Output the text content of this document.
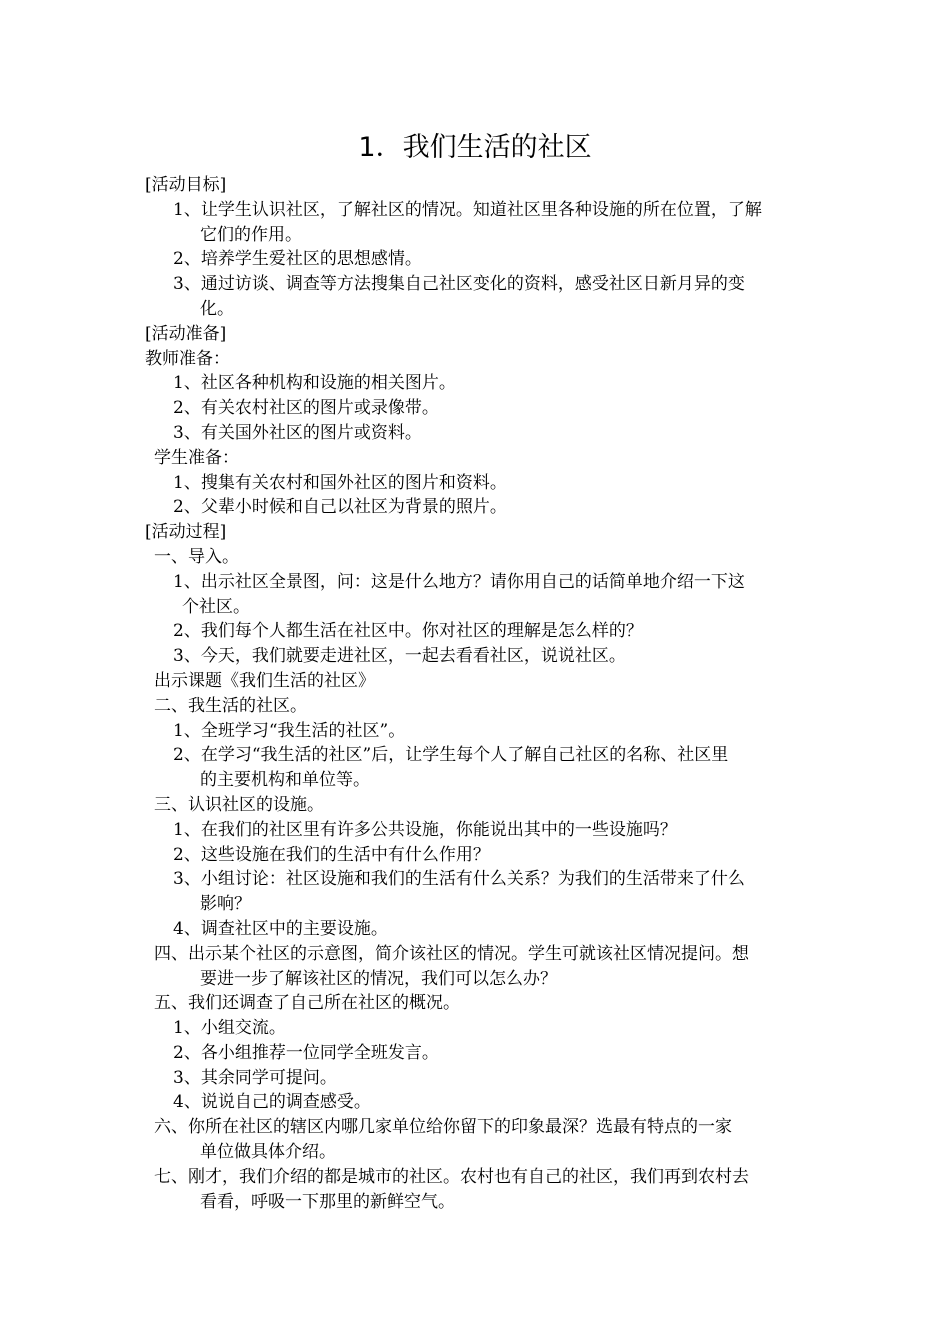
1．我们生活的社区
[活动目标]
1、让学生认识社区，了解社区的情况。知道社区里各种设施的所在位置，了解
它们的作用。
2、培养学生爱社区的思想感情。
3、通过访谈、调查等方法搜集自己社区变化的资料，感受社区日新月异的变
化。
[活动准备]
教师准备：
1、社区各种机构和设施的相关图片。
2、有关农村社区的图片或录像带。
3、有关国外社区的图片或资料。
学生准备：
1、搜集有关农村和国外社区的图片和资料。
2、父辈小时候和自己以社区为背景的照片。
[活动过程]
一、导入。
1、出示社区全景图，问：这是什么地方？请你用自己的话简单地介绍一下这
个社区。
2、我们每个人都生活在社区中。你对社区的理解是怎么样的？
3、今天，我们就要走进社区，一起去看看社区，说说社区。
出示课题《我们生活的社区》
二、我生活的社区。
1、全班学习“我生活的社区”。
2、在学习“我生活的社区”后，让学生每个人了解自己社区的名称、社区里
的主要机构和单位等。
三、认识社区的设施。
1、在我们的社区里有许多公共设施，你能说出其中的一些设施吗？
2、这些设施在我们的生活中有什么作用？
3、小组讨论：社区设施和我们的生活有什么关系？为我们的生活带来了什么
影响？
4、调查社区中的主要设施。
四、出示某个社区的示意图，简介该社区的情况。学生可就该社区情况提问。想
要进一步了解该社区的情况，我们可以怎么办？
五、我们还调查了自己所在社区的概况。
1、小组交流。
2、各小组推荐一位同学全班发言。
3、其余同学可提问。
4、说说自己的调查感受。
六、你所在社区的辖区内哪几家单位给你留下的印象最深？选最有特点的一家
单位做具体介绍。
七、刚才，我们介绍的都是城市的社区。农村也有自己的社区，我们再到农村去
看看，呼吸一下那里的新鲜空气。
